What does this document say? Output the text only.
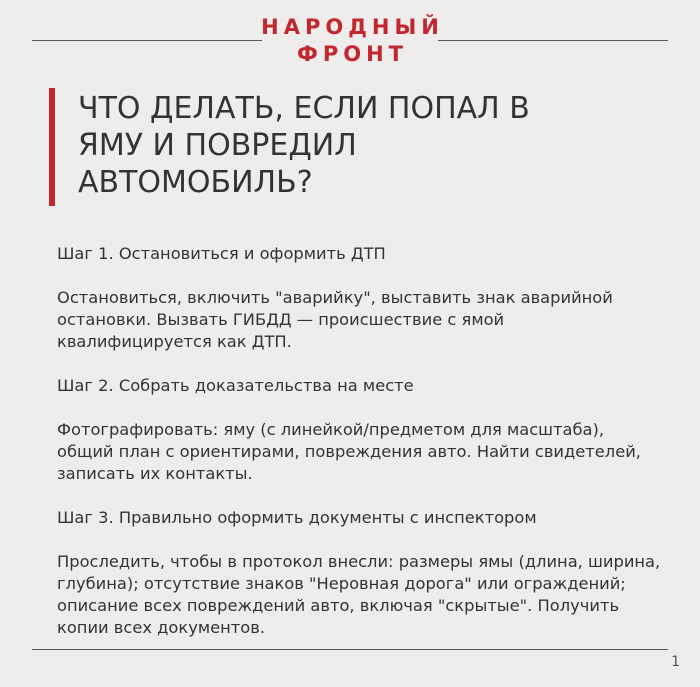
НАРОДНЫЙ
ФРОНТ
ЧТО ДЕЛАТЬ, ЕСЛИ ПОПАЛ В
ЯМУ И ПОВРЕДИЛ
АВТОМОБИЛЬ?

Шаг 1. Остановиться и оформить ДТП

Остановиться, включить "аварийку", выставить знак аварийной

остановки. Вызвать ГИБДД — происшествие с ямой

квалифицируется как ДТП.

Шаг 2. Собрать доказательства на месте

Фотографировать: яму (с линейкой/предметом для масштаба),

общий план с ориентирами, повреждения авто. Найти свидетелей,

записать их контакты.

Шаг 3. Правильно оформить документы с инспектором

Проследить, чтобы в протокол внесли: размеры ямы (длина, ширина,

глубина); отсутствие знаков "Неровная дорога" или ограждений;

описание всех повреждений авто, включая "скрытые". Получить

копии всех документов.

1
